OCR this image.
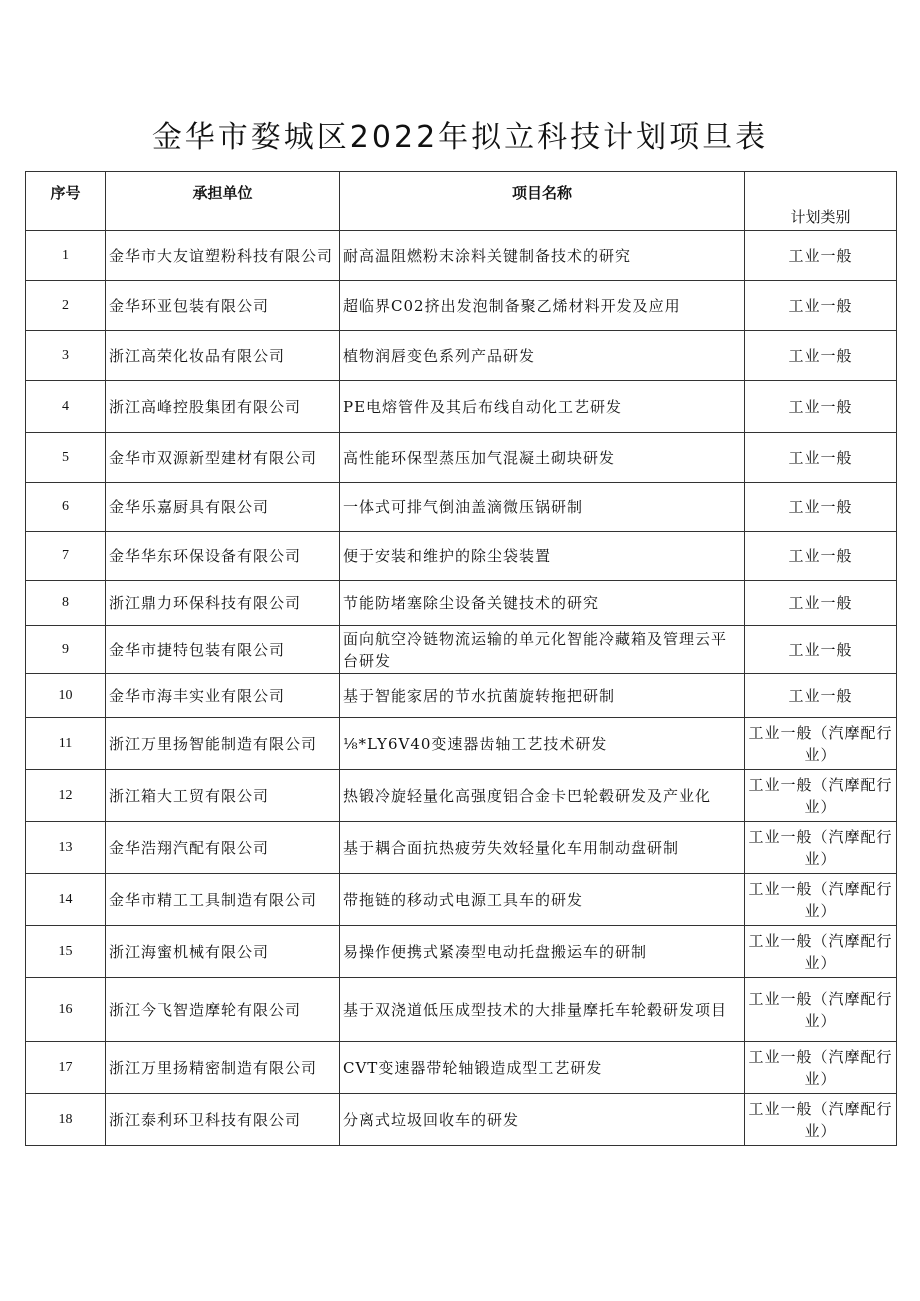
金华市婺城区2022年拟立科技计划项旦表
序号	承担单位	项目名称	计划类别
1	金华市大友谊塑粉科技有限公司	耐高温阻燃粉末涂料关键制备技术的研究	工业一般
2	金华环亚包装有限公司	超临界C02挤出发泡制备聚乙烯材料开发及应用	工业一般
3	浙江高荣化妆品有限公司	植物润唇变色系列产品研发	工业一般
4	浙江高峰控股集团有限公司	PE电熔管件及其后布线自动化工艺研发	工业一般
5	金华市双源新型建材有限公司	高性能环保型蒸压加气混凝土砌块研发	工业一般
6	金华乐嘉厨具有限公司	一体式可排气倒油盖滴微压锅研制	工业一般
7	金华华东环保设备有限公司	便于安装和维护的除尘袋装置	工业一般
8	浙江鼎力环保科技有限公司	节能防堵塞除尘设备关键技术的研究	工业一般
9	金华市捷特包装有限公司	面向航空冷链物流运输的单元化智能冷藏箱及管理云平台研发	工业一般
10	金华市海丰实业有限公司	基于智能家居的节水抗菌旋转拖把研制	工业一般
11	浙江万里扬智能制造有限公司	⅛*LY6V40变速器齿轴工艺技术研发	工业一般（汽摩配行业）
12	浙江箱大工贸有限公司	热锻冷旋轻量化高强度铝合金卡巴轮毂研发及产业化	工业一般（汽摩配行业）
13	金华浩翔汽配有限公司	基于耦合面抗热疲劳失效轻量化车用制动盘研制	工业一般（汽摩配行业）
14	金华市精工工具制造有限公司	带拖链的移动式电源工具车的研发	工业一般（汽摩配行业）
15	浙江海蜜机械有限公司	易操作便携式紧凑型电动托盘搬运车的研制	工业一般（汽摩配行业）
16	浙江今飞智造摩轮有限公司	基于双浇道低压成型技术的大排量摩托车轮毂研发项目	工业一般（汽摩配行业）
17	浙江万里扬精密制造有限公司	CVT变速器带轮轴锻造成型工艺研发	工业一般（汽摩配行业）
18	浙江泰利环卫科技有限公司	分离式垃圾回收车的研发	工业一般（汽摩配行业）
